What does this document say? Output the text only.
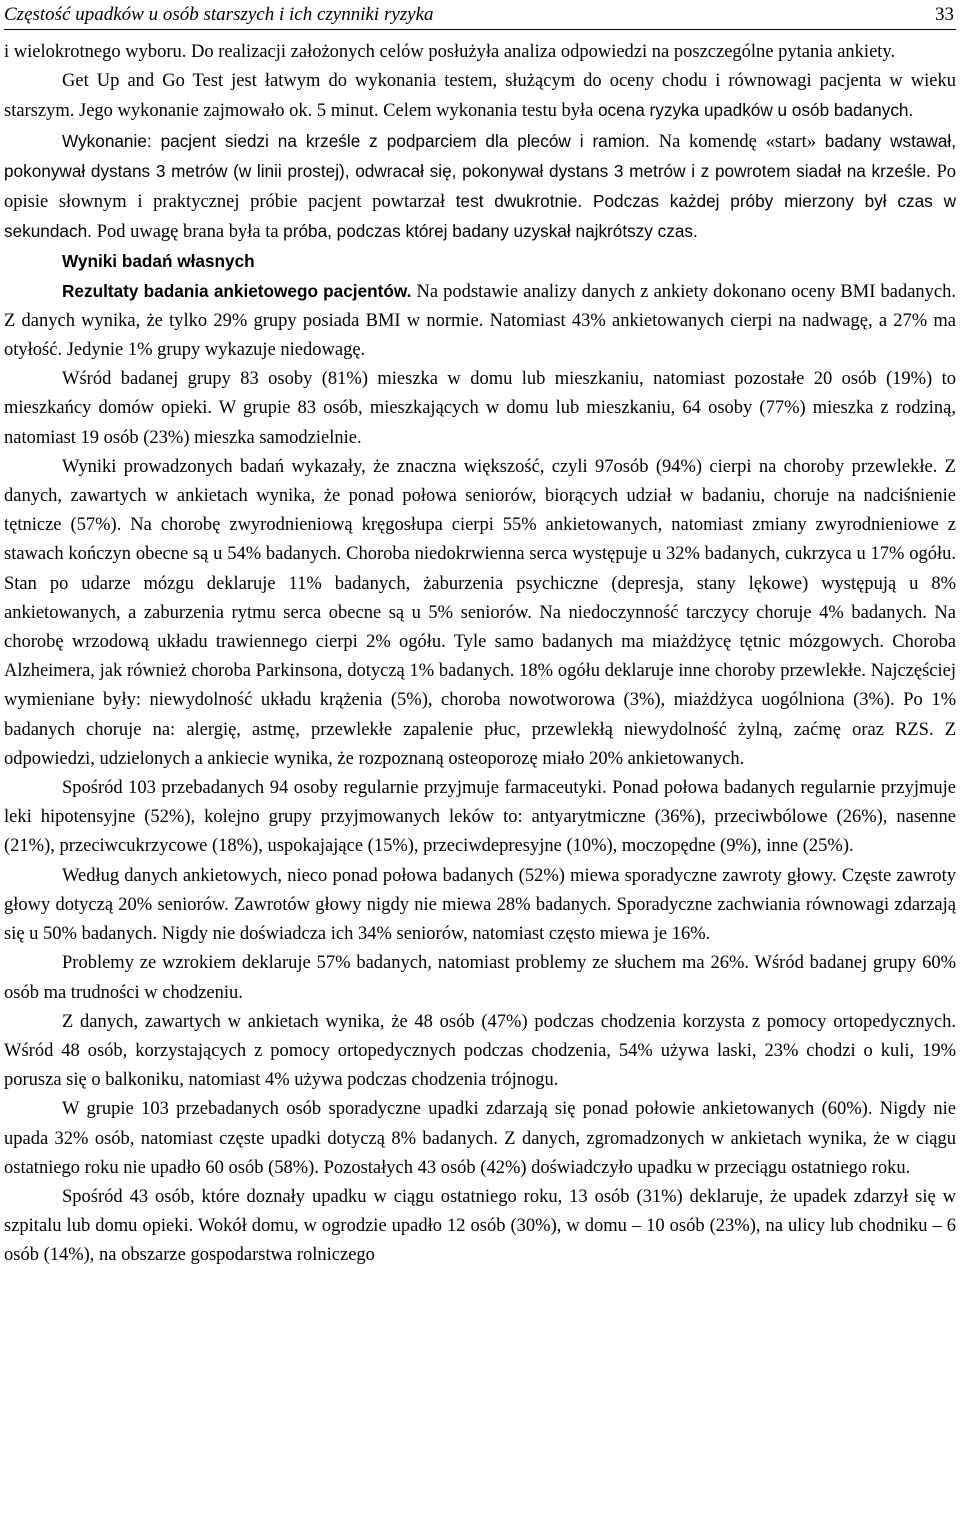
Częstość upadków u osób starszych i ich czynniki ryzyka	33

i wielokrotnego wyboru. Do realizacji założonych celów posłużyła analiza odpowiedzi na poszczególne pytania ankiety.

Get Up and Go Test jest łatwym do wykonania testem, służącym do oceny chodu i równowagi pacjenta w wieku starszym. Jego wykonanie zajmowało ok. 5 minut. Celem wykonania testu była ocena ryzyka upadków u osób badanych.

Wykonanie: pacjent siedzi na krześle z podparciem dla pleców i ramion. Na komendę «start» badany wstawał, pokonywał dystans 3 metrów (w linii prostej), odwracał się, pokonywał dystans 3 metrów i z powrotem siadał na krześle. Po opisie słownym i praktycznej próbie pacjent powtarzał test dwukrotnie. Podczas każdej próby mierzony był czas w sekundach. Pod uwagę brana była ta próba, podczas której badany uzyskał najkrótszy czas.

Wyniki badań własnych

Rezultaty badania ankietowego pacjentów. Na podstawie analizy danych z ankiety dokonano oceny BMI badanych. Z danych wynika, że tylko 29% grupy posiada BMI w normie. Natomiast 43% ankietowanych cierpi na nadwagę, a 27% ma otyłość. Jedynie 1% grupy wykazuje niedowagę.

Wśród badanej grupy 83 osoby (81%) mieszka w domu lub mieszkaniu, natomiast pozostałe 20 osób (19%) to mieszkańcy domów opieki. W grupie 83 osób, mieszkających w domu lub mieszkaniu, 64 osoby (77%) mieszka z rodziną, natomiast 19 osób (23%) mieszka samodzielnie.

Wyniki prowadzonych badań wykazały, że znaczna większość, czyli 97osób (94%) cierpi na choroby przewlekłe. Z danych, zawartych w ankietach wynika, że ponad połowa seniorów, biorących udział w badaniu, choruje na nadciśnienie tętnicze (57%). Na chorobę zwyrodnieniową kręgosłupa cierpi 55% ankietowanych, natomiast zmiany zwyrodnieniowe z stawach kończyn obecne są u 54% badanych. Choroba niedokrwienna serca występuje u 32% badanych, cukrzyca u 17% ogółu. Stan po udarze mózgu deklaruje 11% badanych, żaburzenia psychiczne (depresja, stany lękowe) występują u 8% ankietowanych, a zaburzenia rytmu serca obecne są u 5% seniorów. Na niedoczynność tarczycy choruje 4% badanych. Na chorobę wrzodową układu trawiennego cierpi 2% ogółu. Tyle samo badanych ma miażdżycę tętnic mózgowych. Choroba Alzheimera, jak również choroba Parkinsona, dotyczą 1% badanych. 18% ogółu deklaruje inne choroby przewlekłe. Najczęściej wymieniane były: niewydolność układu krążenia (5%), choroba nowotworowa (3%), miażdżyca uogólniona (3%). Po 1% badanych choruje na: alergię, astmę, przewlekłe zapalenie płuc, przewlekłą niewydolność żylną, zaćmę oraz RZS. Z odpowiedzi, udzielonych a ankiecie wynika, że rozpoznaną osteoporozę miało 20% ankietowanych.

Spośród 103 przebadanych 94 osoby regularnie przyjmuje farmaceutyki. Ponad połowa badanych regularnie przyjmuje leki hipotensyjne (52%), kolejno grupy przyjmowanych leków to: antyarytmiczne (36%), przeciwbólowe (26%), nasenne (21%), przeciwcukrzycowe (18%), uspokajające (15%), przeciwdepresyjne (10%), moczopędne (9%), inne (25%).

Według danych ankietowych, nieco ponad połowa badanych (52%) miewa sporadyczne zawroty głowy. Częste zawroty głowy dotyczą 20% seniorów. Zawrotów głowy nigdy nie miewa 28% badanych. Sporadyczne zachwiania równowagi zdarzają się u 50% badanych. Nigdy nie doświadcza ich 34% seniorów, natomiast często miewa je 16%.

Problemy ze wzrokiem deklaruje 57% badanych, natomiast problemy ze słuchem ma 26%. Wśród badanej grupy 60% osób ma trudności w chodzeniu.

Z danych, zawartych w ankietach wynika, że 48 osób (47%) podczas chodzenia korzysta z pomocy ortopedycznych. Wśród 48 osób, korzystających z pomocy ortopedycznych podczas chodzenia, 54% używa laski, 23% chodzi o kuli, 19% porusza się o balkoniku, natomiast 4% używa podczas chodzenia trójnogu.

W grupie 103 przebadanych osób sporadyczne upadki zdarzają się ponad połowie ankietowanych (60%). Nigdy nie upada 32% osób, natomiast częste upadki dotyczą 8% badanych. Z danych, zgromadzonych w ankietach wynika, że w ciągu ostatniego roku nie upadło 60 osób (58%). Pozostałych 43 osób (42%) doświadczyło upadku w przeciągu ostatniego roku.

Spośród 43 osób, które doznały upadku w ciągu ostatniego roku, 13 osób (31%) deklaruje, że upadek zdarzył się w szpitalu lub domu opieki. Wokół domu, w ogrodzie upadło 12 osób (30%), w domu – 10 osób (23%), na ulicy lub chodniku – 6 osób (14%), na obszarze gospodarstwa rolniczego
